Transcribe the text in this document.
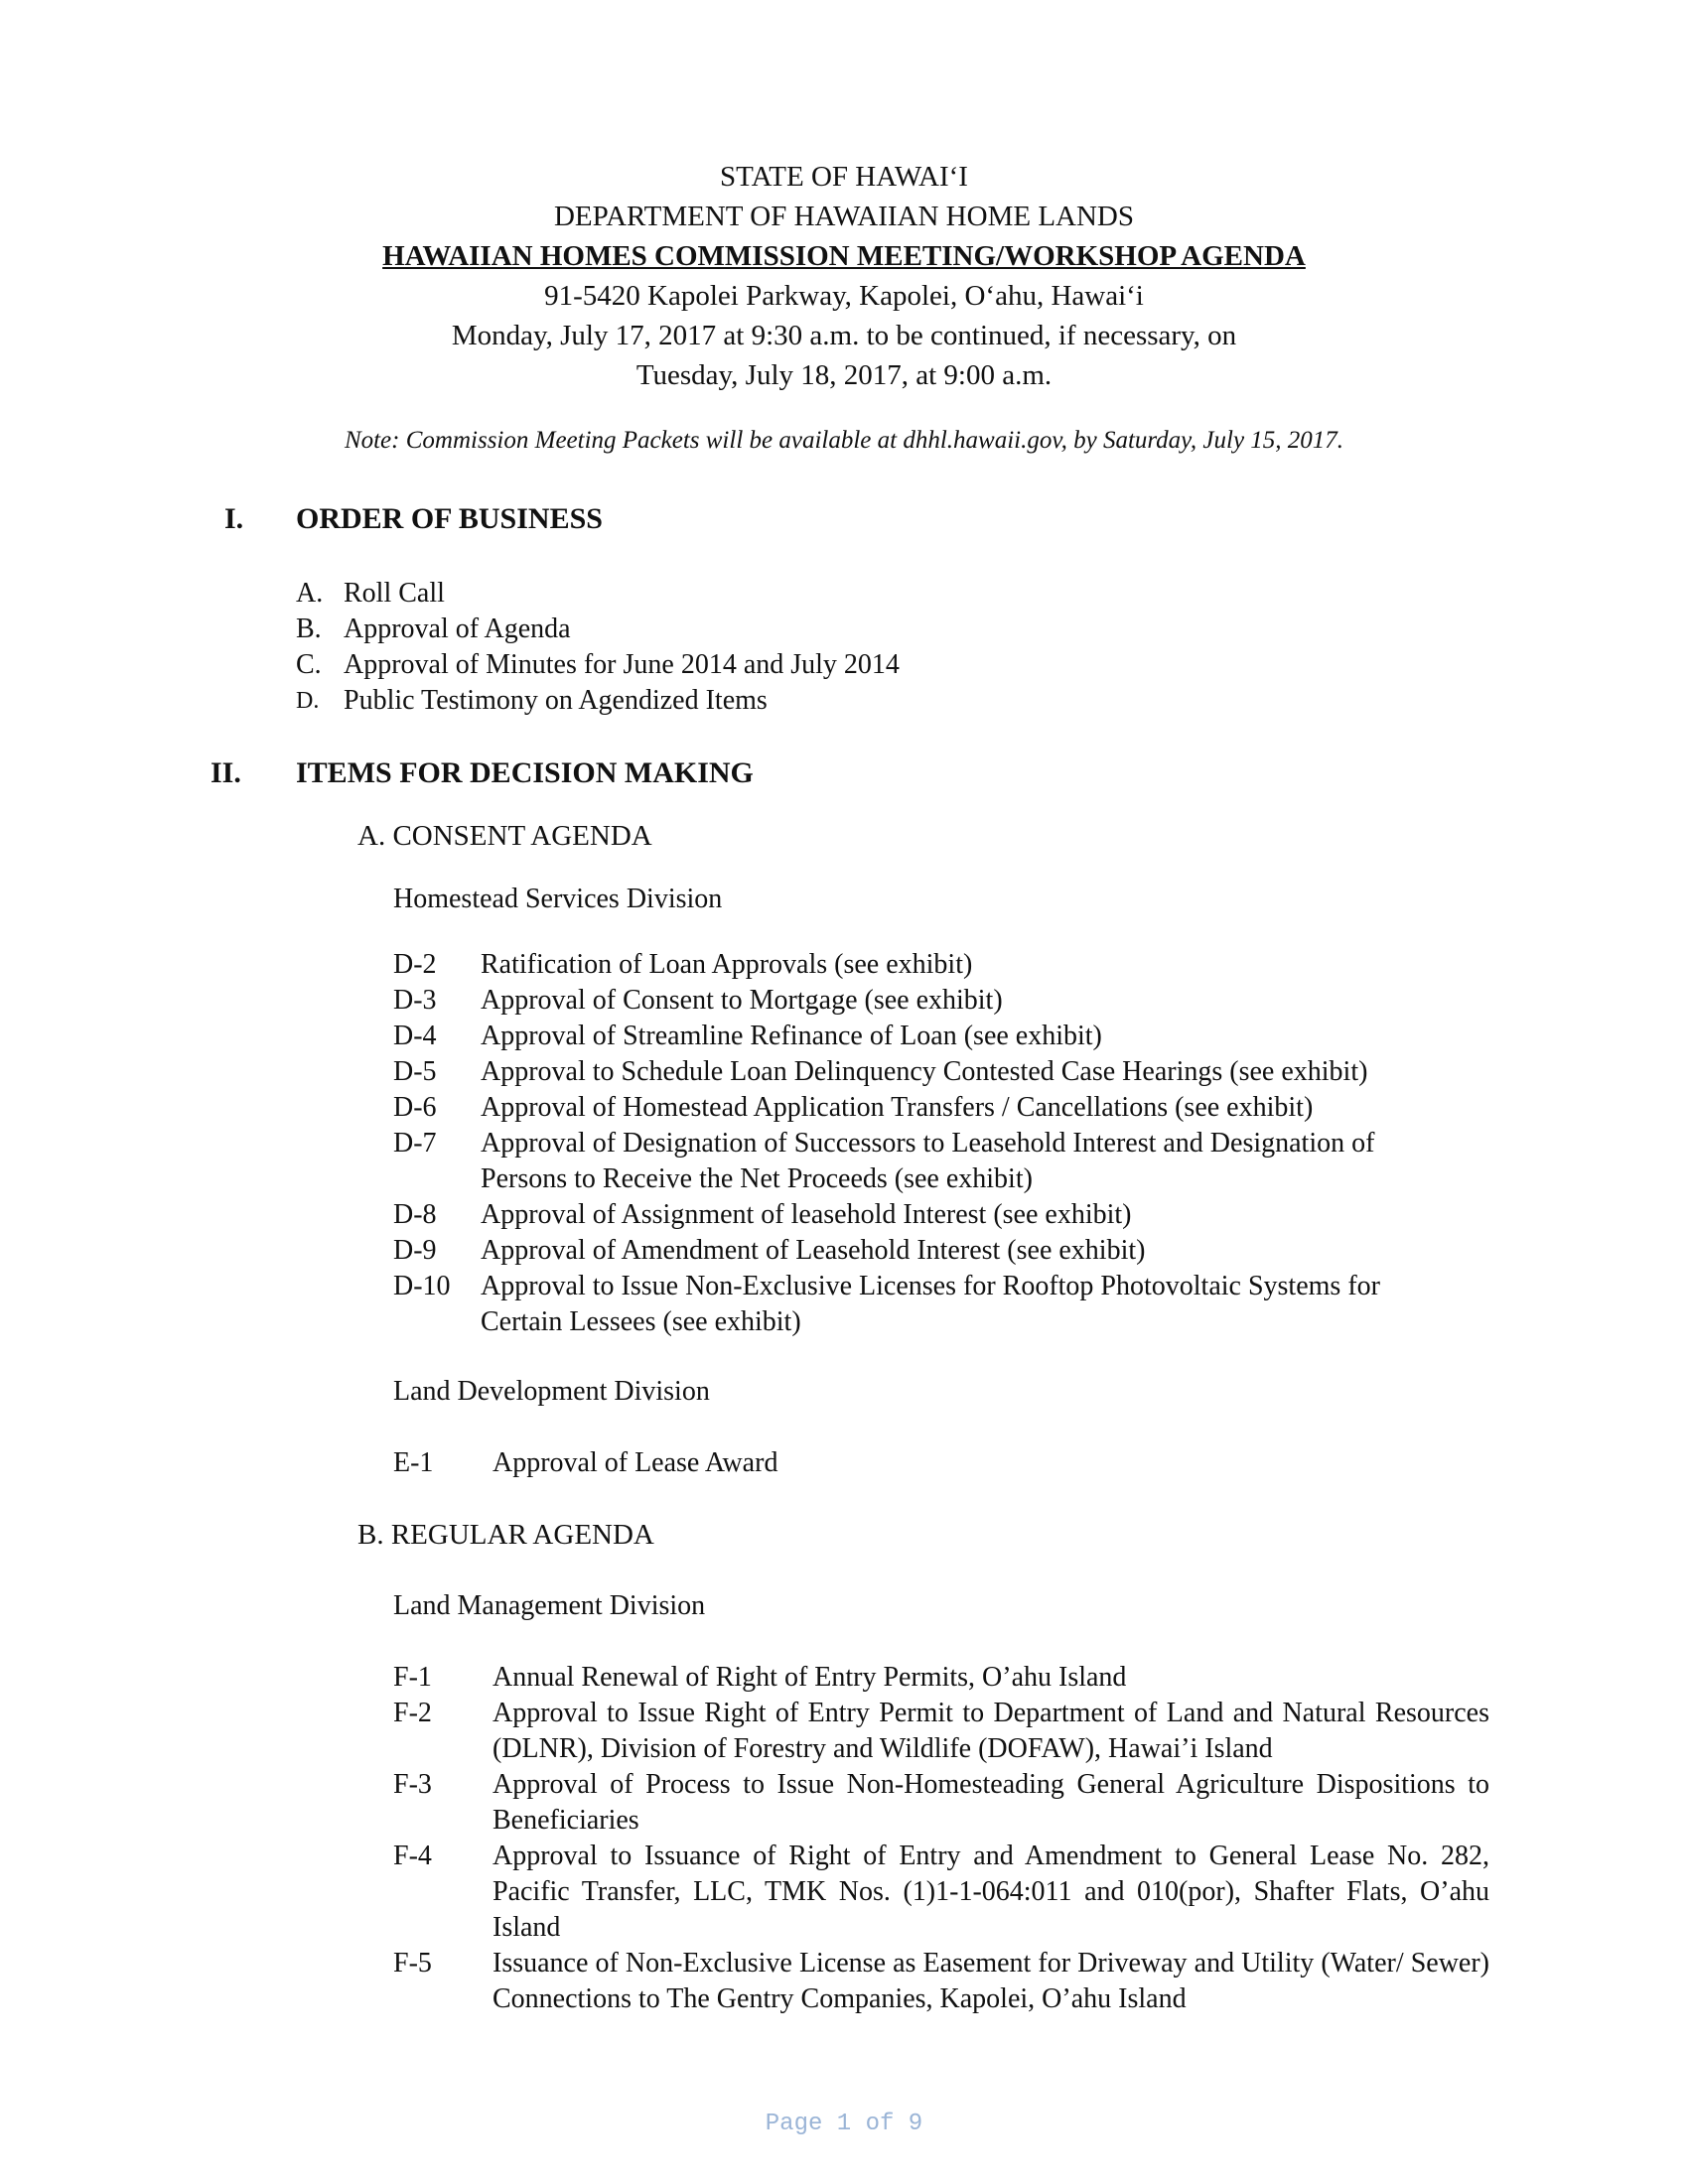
STATE OF HAWAI‘I
DEPARTMENT OF HAWAIIAN HOME LANDS
HAWAIIAN HOMES COMMISSION MEETING/WORKSHOP AGENDA
91-5420 Kapolei Parkway, Kapolei, O‘ahu, Hawai‘i
Monday, July 17, 2017 at 9:30 a.m. to be continued, if necessary, on
Tuesday, July 18, 2017, at 9:00 a.m.
Note: Commission Meeting Packets will be available at dhhl.hawaii.gov, by Saturday, July 15, 2017.
I. ORDER OF BUSINESS
A. Roll Call
B. Approval of Agenda
C. Approval of Minutes for June 2014 and July 2014
D. Public Testimony on Agendized Items
II. ITEMS FOR DECISION MAKING
A. CONSENT AGENDA
Homestead Services Division
D-2	Ratification of Loan Approvals (see exhibit)
D-3	Approval of Consent to Mortgage (see exhibit)
D-4	Approval of Streamline Refinance of Loan (see exhibit)
D-5	Approval to Schedule Loan Delinquency Contested Case Hearings (see exhibit)
D-6	Approval of Homestead Application Transfers / Cancellations (see exhibit)
D-7	Approval of Designation of Successors to Leasehold Interest and Designation of Persons to Receive the Net Proceeds (see exhibit)
D-8	Approval of Assignment of leasehold Interest (see exhibit)
D-9	Approval of Amendment of Leasehold Interest (see exhibit)
D-10	Approval to Issue Non-Exclusive Licenses for Rooftop Photovoltaic Systems for Certain Lessees (see exhibit)
Land Development Division
E-1	Approval of Lease Award
B. REGULAR AGENDA
Land Management Division
F-1	Annual Renewal of Right of Entry Permits, O’ahu Island
F-2	Approval to Issue Right of Entry Permit to Department of Land and Natural Resources (DLNR), Division of Forestry and Wildlife (DOFAW), Hawai’i Island
F-3	Approval of Process to Issue Non-Homesteading General Agriculture Dispositions to Beneficiaries
F-4	Approval to Issuance of Right of Entry and Amendment to General Lease No. 282, Pacific Transfer, LLC, TMK Nos. (1)1-1-064:011 and 010(por), Shafter Flats, O’ahu Island
F-5	Issuance of Non-Exclusive License as Easement for Driveway and Utility (Water/ Sewer) Connections to The Gentry Companies, Kapolei, O’ahu Island
Page 1 of 9
